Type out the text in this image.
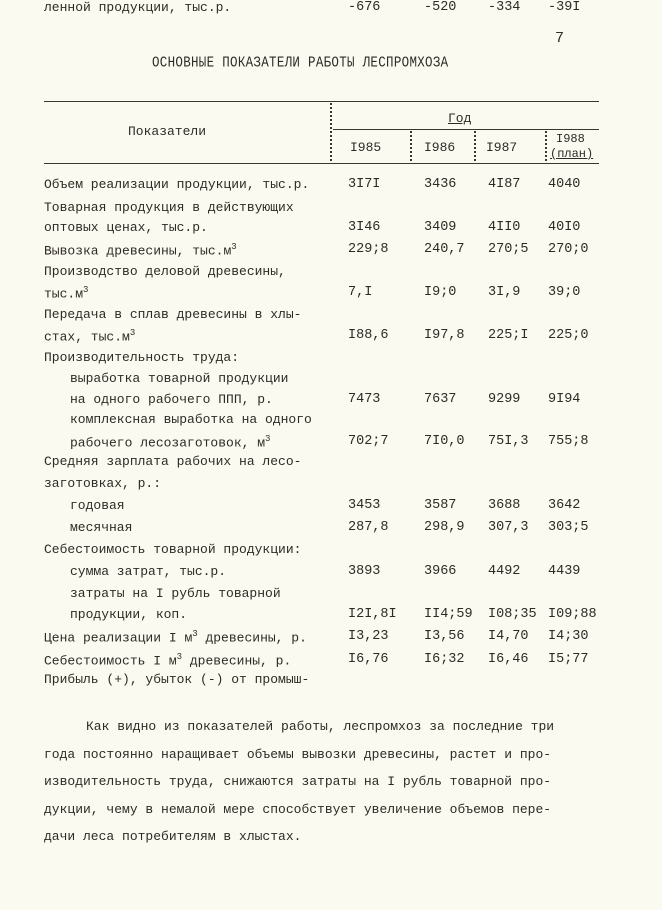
7
ОСНОВНЫЕ ПОКАЗАТЕЛИ РАБОТЫ ЛЕСПРОМХОЗА
Показатели
Год
I985	I986 I987
I988
(план)
Объем реализации продукции, тыс.р.	3I7I	3436 4I87 4040
Товарная продукция в действующих
оптовых ценах, тыс.р.	3I46	3409 4II0 40I0
Вывозка древесины, $тыс.м^3$	229;8	240,7 270;5 270;0
Производство деловой древесины,
$тыс.м^3$	7,I	I9;0 3I,9 39;0
Передача в сплав древесины в хлы-
стах, $тыс.м^3$	I88,6	I97,8 225;I 225;0
Производительность труда:
выработка товарной продукции
на одного рабочего ППП, р.	7473	7637 9299 9I94
комплексная выработка на одного
рабочего лесозаготовок, $м^3$	702;7	7I0,0 75I,3 755;8
Средняя зарплата рабочих на лесо-
заготовках, р.:
годовая	3453	3587 3688 3642
месячная	287,8	298,9 307,3 303;5
Себестоимость товарной продукции:
сумма затрат, тыс.р.	3893	3966 4492 4439
затраты на I рубль товарной
продукции, коп.	I2I,8I II4;59 I08;35 I09;88
Цена реализации I $м^3$ древесины, р.	I3,23	I3,56 I4,70 I4;30
Себестоимость I $м^3$ древесины, р.	I6,76	I6;32 I6,46 I5;77
Прибыль (+), убыток (-) от промыш-
ленной продукции, тыс.р.	-676	-520 -334 -39I
Как видно из показателей работы, леспромхоз за последние три
года постоянно наращивает объемы вывозки древесины, растет и про-
изводительность труда, снижаются затраты на I рубль товарной про-
дукции, чему в немалой мере способствует увеличение объемов пере-
дачи леса потребителям в хлыстах.
